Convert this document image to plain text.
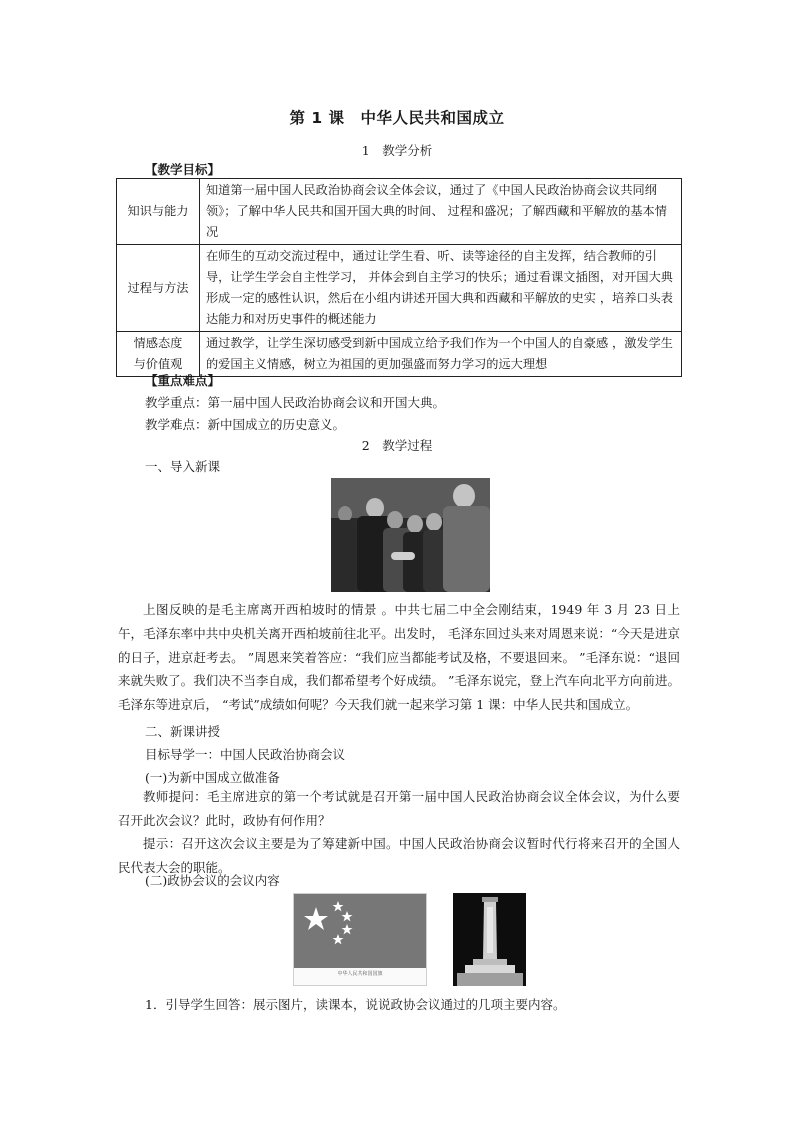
第 1 课　中华人民共和国成立
1　教学分析
【教学目标】
知识与能力	知道第一届中国人民政治协商会议全体会议，通过了《中国人民政治协商会议共同纲领》；了解中华人民共和国开国大典的时间、 过程和盛况；了解西藏和平解放的基本情况
过程与方法	在师生的互动交流过程中，通过让学生看、听、读等途径的自主发挥，结合教师的引导，让学生学会自主性学习， 并体会到自主学习的快乐；通过看课文插图，对开国大典形成一定的感性认识，然后在小组内讲述开国大典和西藏和平解放的史实 ，培养口头表达能力和对历史事件的概述能力

情感态度
与价值观	通过教学，让学生深切感受到新中国成立给予我们作为一个中国人的自豪感 ，激发学生的爱国主义情感，树立为祖国的更加强盛而努力学习的远大理想
【重点难点】
教学重点：第一届中国人民政治协商会议和开国大典。
教学难点：新中国成立的历史意义。
2　教学过程
一、导入新课
上图反映的是毛主席离开西柏坡时的情景 。中共七届二中全会刚结束，1949 年 3 月 23 日上午，毛泽东率中共中央机关离开西柏坡前往北平。出发时， 毛泽东回过头来对周恩来说：“今天是进京的日子，进京赶考去。 ”周恩来笑着答应：“我们应当都能考试及格，不要退回来。 ”毛泽东说：“退回来就失败了。我们决不当李自成，我们都希望考个好成绩。 ”毛泽东说完，登上汽车向北平方向前进。毛泽东等进京后， “考试”成绩如何呢？今天我们就一起来学习第 1 课：中华人民共和国成立。
二、新课讲授
目标导学一：中国人民政治协商会议
(一)为新中国成立做准备
教师提问：毛主席进京的第一个考试就是召开第一届中国人民政治协商会议全体会议，为什么要召开此次会议？此时，政协有何作用？
提示：召开这次会议主要是为了筹建新中国。中国人民政治协商会议暂时代行将来召开的全国人民代表大会的职能。
(二)政协会议的会议内容
中华人民共和国国旗
1．引导学生回答：展示图片，读课本，说说政协会议通过的几项主要内容。
